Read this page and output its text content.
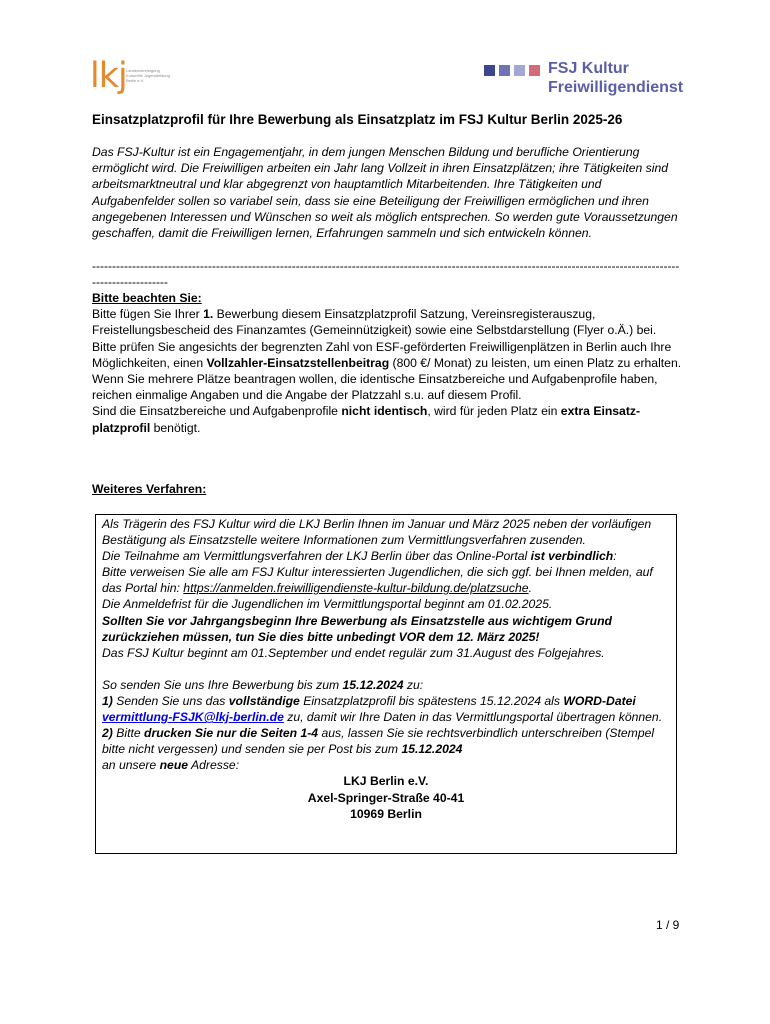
lkj Landesvereinigung
Kulturelle Jugendbildung
Berlin e.V.
FSJ Kultur
Freiwilligendienst
Einsatzplatzprofil für Ihre Bewerbung als Einsatzplatz im FSJ Kultur Berlin 2025-26
Das FSJ-Kultur ist ein Engagementjahr, in dem jungen Menschen Bildung und berufliche Orientierung ermöglicht wird. Die Freiwilligen arbeiten ein Jahr lang Vollzeit in ihren Einsatzplätzen; ihre Tätigkeiten sind arbeitsmarktneutral und klar abgegrenzt von hauptamtlich Mitarbeitenden. Ihre Tätigkeiten und Aufgabenfelder sollen so variabel sein, dass sie eine Beteiligung der Freiwilligen ermöglichen und ihren angegebenen Interessen und Wünschen so weit als möglich entsprechen. So werden gute Voraussetzungen geschaffen, damit die Freiwilligen lernen, Erfahrungen sammeln und sich entwickeln können.
----------------------------------------------------------------------------------------------------------------------------------------------------------------------

Bitte beachten Sie:

Bitte fügen Sie Ihrer 1. Bewerbung diesem Einsatzplatzprofil Satzung, Vereinsregisterauszug, Freistellungsbescheid des Finanzamtes (Gemeinnützigkeit) sowie eine Selbstdarstellung (Flyer o.Ä.) bei.

Bitte prüfen Sie angesichts der begrenzten Zahl von ESF-geförderten Freiwilligenplätzen in Berlin auch Ihre Möglichkeiten, einen Vollzahler-Einsatzstellenbeitrag (800 €/ Monat) zu leisten, um einen Platz zu erhalten.

Wenn Sie mehrere Plätze beantragen wollen, die identische Einsatzbereiche und Aufgabenprofile haben, reichen einmalige Angaben und die Angabe der Platzzahl s.u. auf diesem Profil.

Sind die Einsatzbereiche und Aufgabenprofile nicht identisch, wird für jeden Platz ein extra Einsatz-platzprofil benötigt.

Weiteres Verfahren:

Als Trägerin des FSJ Kultur wird die LKJ Berlin Ihnen im Januar und März 2025 neben der vorläufigen Bestätigung als Einsatzstelle weitere Informationen zum Vermittlungsverfahren zusenden.

Die Teilnahme am Vermittlungsverfahren der LKJ Berlin über das Online-Portal ist verbindlich:

Bitte verweisen Sie alle am FSJ Kultur interessierten Jugendlichen, die sich ggf. bei Ihnen melden, auf das Portal hin: https://anmelden.freiwilligendienste-kultur-bildung.de/platzsuche.

Die Anmeldefrist für die Jugendlichen im Vermittlungsportal beginnt am 01.02.2025.

Sollten Sie vor Jahrgangsbeginn Ihre Bewerbung als Einsatzstelle aus wichtigem Grund zurückziehen müssen, tun Sie dies bitte unbedingt VOR dem 12. März 2025!

Das FSJ Kultur beginnt am 01.September und endet regulär zum 31.August des Folgejahres.

So senden Sie uns Ihre Bewerbung bis zum 15.12.2024 zu:

1) Senden Sie uns das vollständige Einsatzplatzprofil bis spätestens 15.12.2024 als WORD-Datei vermittlung-FSJK@lkj-berlin.de zu, damit wir Ihre Daten in das Vermittlungsportal übertragen können.

2) Bitte drucken Sie nur die Seiten 1-4 aus, lassen Sie sie rechtsverbindlich unterschreiben (Stempel bitte nicht vergessen) und senden sie per Post bis zum 15.12.2024

an unsere neue Adresse:

LKJ Berlin e.V.

Axel-Springer-Straße 40-41

10969 Berlin

1 / 9
